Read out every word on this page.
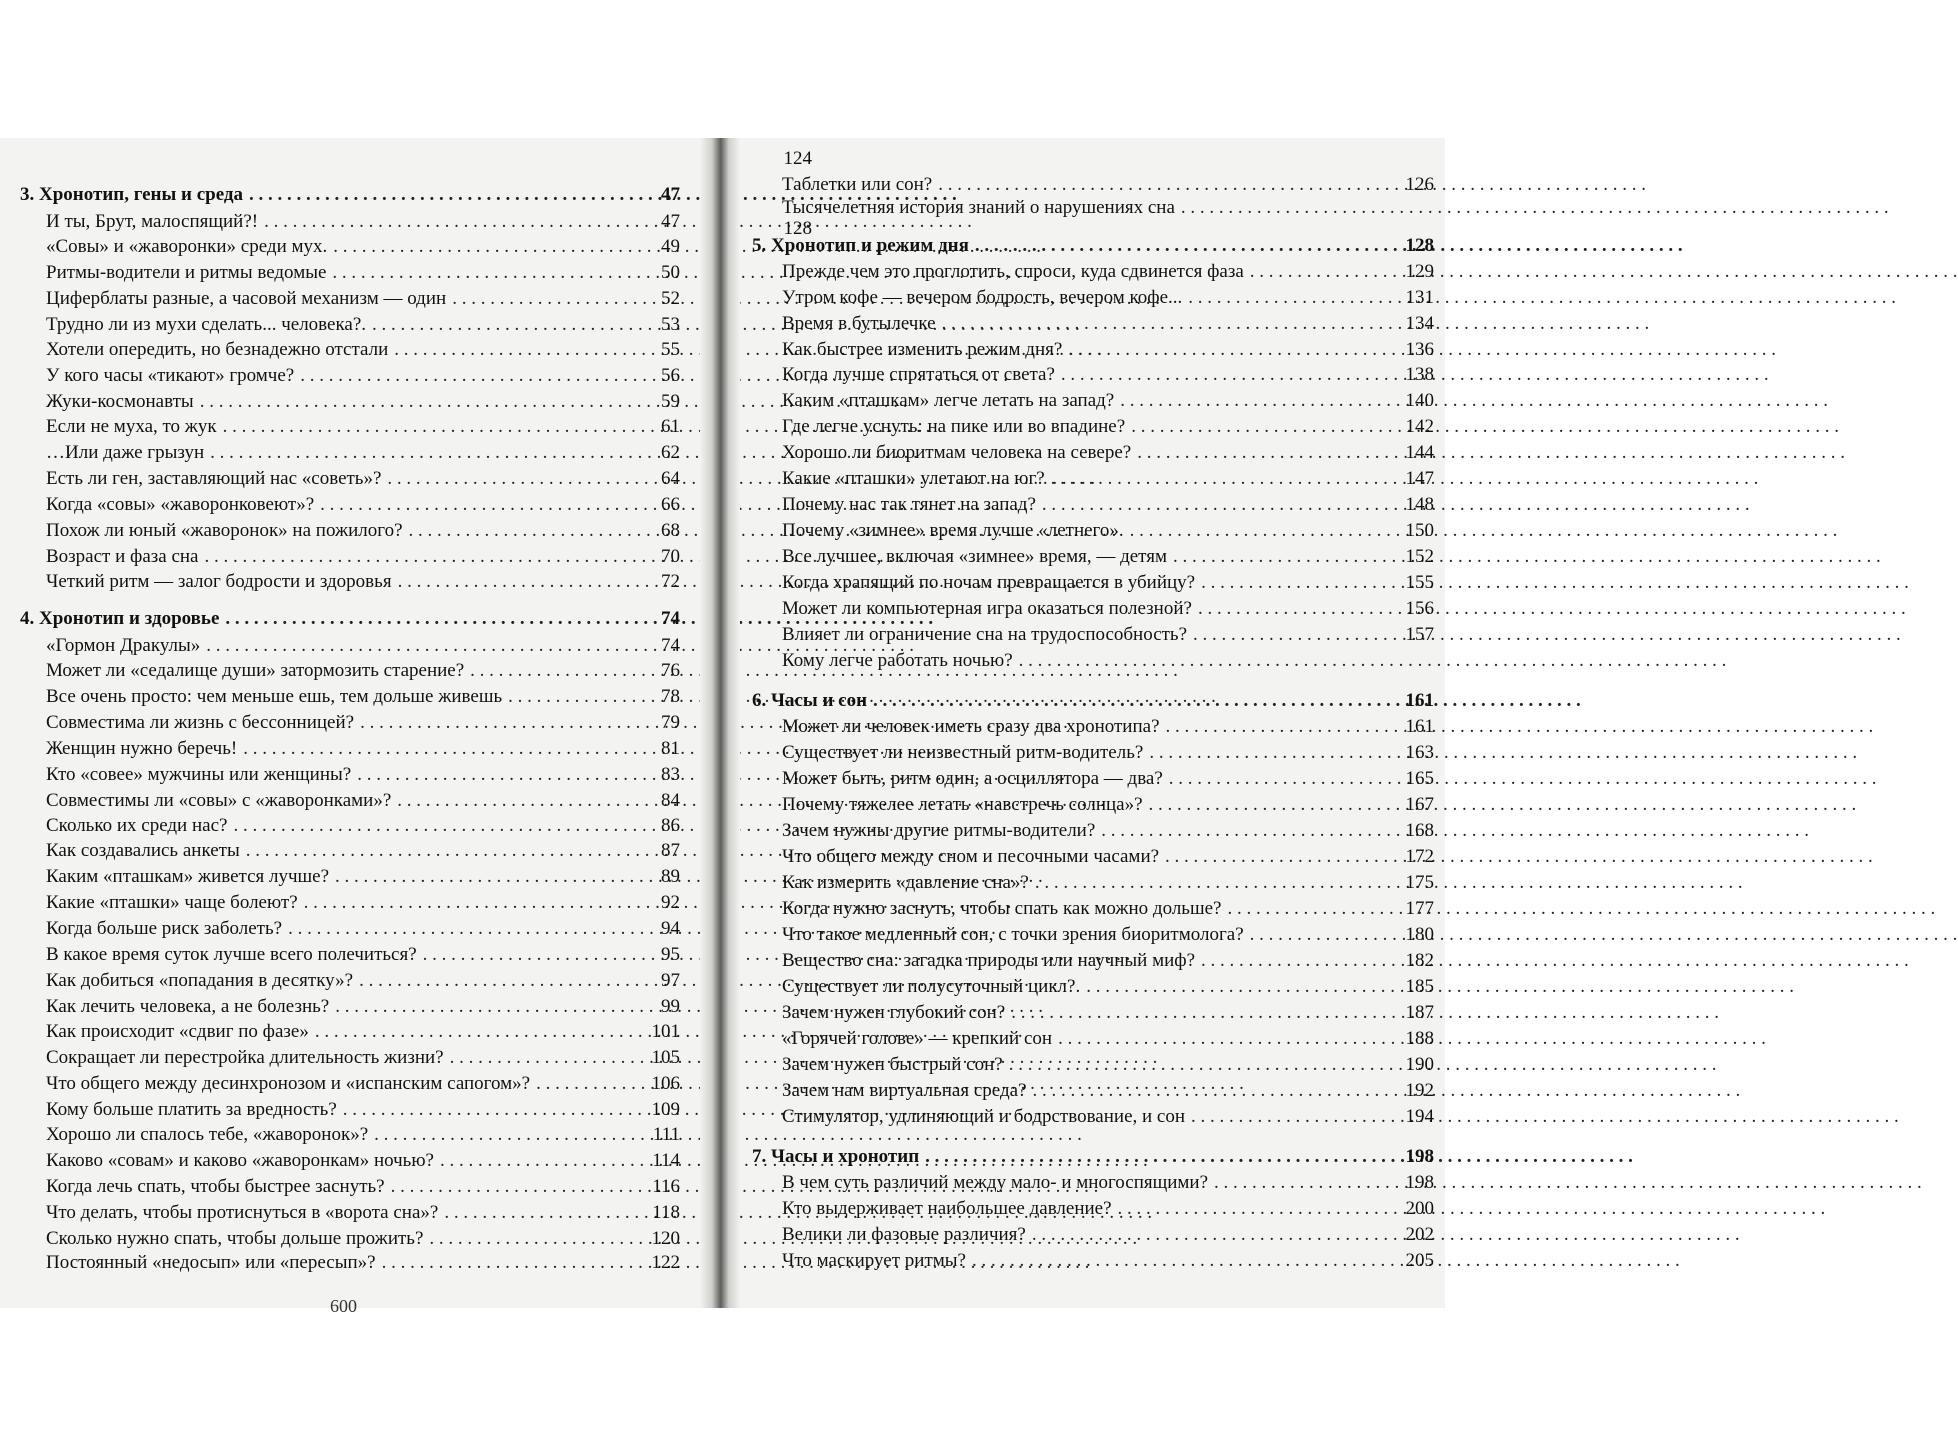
3. Хронотип, гены и среда . . .	47
И ты, Брут, малоспящий?! . . .	47
«Совы» и «жаворонки» среди мух. . . .	49
Ритмы-водители и ритмы ведомые . . .	50
Циферблаты разные, а часовой механизм — один . . .	52
Трудно ли из мухи сделать... человека?. . . .	53
Хотели опередить, но безнадежно отстали . . .	55
У кого часы «тикают» громче? . . .	56
Жуки-космонавты . . .	59
Если не муха, то жук . . .	61
…Или даже грызун . . .	62
Есть ли ген, заставляющий нас «советь»? . . .	64
Когда «совы» «жаворонковеют»? . . .	66
Похож ли юный «жаворонок» на пожилого? . . .	68
Возраст и фаза сна . . .	70
Четкий ритм — залог бодрости и здоровья . . .	72
4. Хронотип и здоровье . . .	74
«Гормон Дракулы» . . .	74
Может ли «седалище души» затормозить старение? . . .	76
Все очень просто: чем меньше ешь, тем дольше живешь . . .	78
Совместима ли жизнь с бессонницей? . . .	79
Женщин нужно беречь! . . .	81
Кто «совее» мужчины или женщины? . . .	83
Совместимы ли «совы» с «жаворонками»? . . .	84
Сколько их среди нас? . . .	86
Как создавались анкеты . . .	87
Каким «пташкам» живется лучше? . . .	89
Какие «пташки» чаще болеют? . . .	92
Когда больше риск заболеть? . . .	94
В какое время суток лучше всего полечиться? . . .	95
Как добиться «попадания в десятку»? . . .	97
Как лечить человека, а не болезнь? . . .	99
Как происходит «сдвиг по фазе» . . .	101
Сокращает ли перестройка длительность жизни? . . .	105
Что общего между десинхронозом и «испанским сапогом»? . . .	106
Кому больше платить за вредность? . . .	109
Хорошо ли спалось тебе, «жаворонок»? . . .	111
Каково «совам» и каково «жаворонкам» ночью? . . .	114
Когда лечь спать, чтобы быстрее заснуть? . . .	116
Что делать, чтобы протиснуться в «ворота сна»? . . .	118
Сколько нужно спать, чтобы дольше прожить? . . .	120
Постоянный «недосып» или «пересып»? . . .	122
600
124
Таблетки или сон? . . .	126
Тысячелетняя история знаний о нарушениях сна
. . .
128
5. Хронотип и режим дня . . .	128
Прежде чем это проглотить, спроси, куда сдвинется фаза . . .	129
Утром кофе — вечером бодрость, вечером кофе... . . .	131
Время в бутылечке . . .	134
Как быстрее изменить режим дня? . . .	136
Когда лучше спрятаться от света? . . .	138
Каким «пташкам» легче летать на запад? . . .	140
Где легче уснуть: на пике или во впадине? . . .	142
Хорошо ли биоритмам человека на севере? . . .	144
Какие «пташки» улетают на юг? . . .	147
Почему нас так тянет на запад? . . .	148
Почему «зимнее» время лучше «летнего». . . .	150
Все лучшее, включая «зимнее» время, — детям . . .	152
Когда храпящий по ночам превращается в убийцу? . . .	155
Может ли компьютерная игра оказаться полезной? . . .	156
Влияет ли ограничение сна на трудоспособность? . . .	157
Кому легче работать ночью?
. . .
6. Часы и сон . . .	161
Может ли человек иметь сразу два хронотипа? . . .	161
Существует ли неизвестный ритм-водитель? . . .	163
Может быть, ритм один, а осциллятора — два? . . .	165
Почему тяжелее летать «навстречь солнца»? . . .	167
Зачем нужны другие ритмы-водители? . . .	168
Что общего между сном и песочными часами? . . .	172
Как измерить «давление сна»? . . .	175
Когда нужно заснуть, чтобы спать как можно дольше? . . .	177
Что такое медленный сон, с точки зрения биоритмолога? . . .	180
Вещество сна: загадка природы или научный миф? . . .	182
Существует ли полусуточный цикл?. . . .	185
Зачем нужен глубокий сон? . . .	187
«Горячей голове» — крепкий сон . . .	188
Зачем нужен быстрый сон? . . .	190
Зачем нам виртуальная среда? . . .	192
Стимулятор, удлиняющий и бодрствование, и сон . . .	194
7. Часы и хронотип . . .	198
В чем суть различий между мало- и многоспящими? . . .	198
Кто выдерживает наибольшее давление? . . .	200
Велики ли фазовые различия? . . .	202
Что маскирует ритмы? . . .	205
